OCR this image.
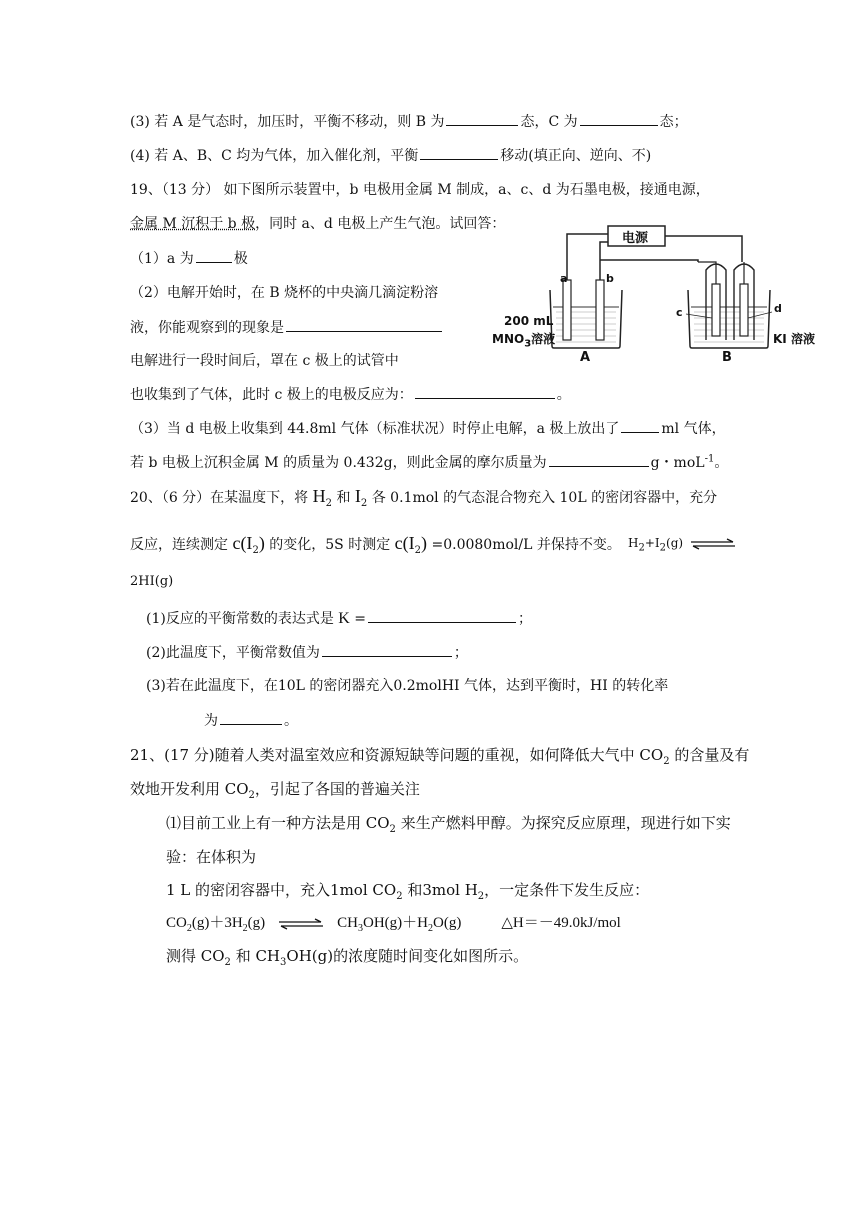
(3) 若 A 是气态时，加压时，平衡不移动，则 B 为	态，C 为	态；
(4) 若 A、B、C 均为气体，加入催化剂，平衡	移动(填正向、逆向、不)
19、（13 分） 如下图所示装置中，b 电极用金属 M 制成，a、c、d 为石墨电极，接通电源，
金属 M 沉积于 b 极，同时 a、d 电极上产生气泡。试回答：
（1）a 为	极
（2）电解开始时，在 B 烧杯的中央滴几滴淀粉溶
液，你能观察到的现象是
电解进行一段时间后，罩在 c 极上的试管中
也收集到了气体，此时 c 极上的电极反应为：	。
（3）当 d 电极上收集到 44.8ml 气体（标准状况）时停止电解，a 极上放出了	ml 气体，
若 b 电极上沉积金属 M 的质量为 0.432g，则此金属的摩尔质量为	g・moL$^{-1}$。
电源
a	b
c	d
200 mL
$MNO_3$溶液	KI 溶液
A	B
20、（6 分）在某温度下，将 $H_2$ 和 $I_2$ 各 0.1mol 的气态混合物充入 10L 的密闭容器中，充分
反应，连续测定 $c(I_2)$ 的变化，5S 时测定 $c(I_2) =0.0080mol/L$ 并保持不变。 $H_2+I_2(g)$ ⇌
2HI(g)
(1)反应的平衡常数的表达式是 K =	；
(2)此温度下，平衡常数值为	；
(3)若在此温度下，在10L 的密闭器充入0.2molHI 气体，达到平衡时，HI 的转化率
为	。
21、(17 分)随着人类对温室效应和资源短缺等问题的重视，如何降低大气中 $CO_2$ 的含量及有
效地开发利用 $CO_2$，引起了各国的普遍关注
⑴目前工业上有一种方法是用 $CO_2$ 来生产燃料甲醇。为探究反应原理，现进行如下实
验：在体积为
1 L 的密闭容器中，充入1mol $CO_2$ 和3mol $H_2$，一定条件下发生反应：
$CO_2(g)+3H_2(g)$ ⇌ $CH_3OH(g)+H_2O(g)$	△H＝－49.0kJ/mol
测得 $CO_2$ 和 $CH_3OH(g)$的浓度随时间变化如图所示。
